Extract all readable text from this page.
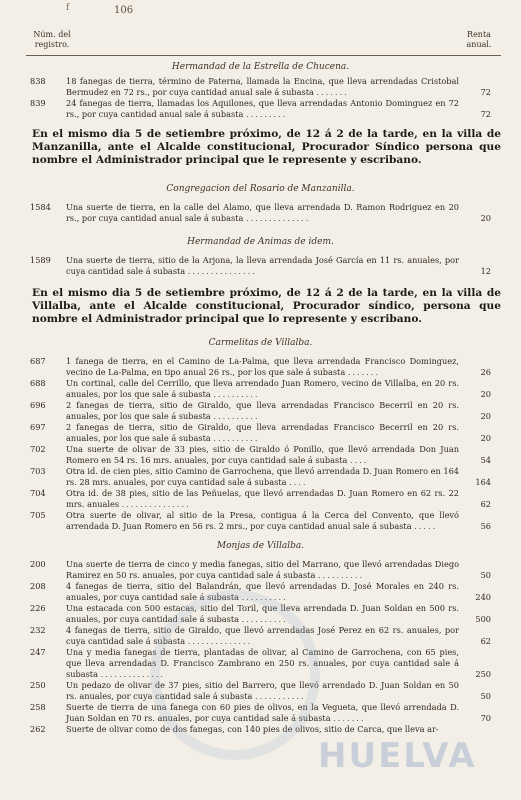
f	106
Núm. del registro.
Renta anual.

Hermandad de la Estrella de Chucena.

838	18 fanegas de tierra, término de Paterna, llamada la Encina, que lleva arrendadas Cristobal Bermudez en 72 rs., por cuya cantidad anual sale á subasta .......	72
839	24 fanegas de tierra, llamadas los Aquilones, que lleva arrendadas Antonio Dominguez en 72 rs., por cuya cantidad anual sale á subasta .........	72

En el mismo dia 5 de setiembre próximo, de 12 á 2 de la tarde, en la villa de Manzanilla, ante el Alcalde constitucional, Procurador Síndico persona que nombre el Administrador principal que le represente y escribano.

Congregacion del Rosario de Manzanilla.

1584	Una suerte de tierra, en la calle del Alamo, que lleva arrendada D. Ramon Rodriguez en 20 rs., por cuya cantidad anual sale á subasta ..............	20

Hermandad de Animas de idem.

1589	Una suerte de tierra, sitio de la Arjona, la lleva arrendada José García en 11 rs. anuales, por cuya cantidad sale á subasta ...............	12

En el mismo dia 5 de setiembre próximo, de 12 á 2 de la tarde, en la villa de Villalba, ante el Alcalde constitucional, Procurador síndico, persona que nombre el Administrador principal que lo represente y escribano.

Carmelitas de Villalba.

687	1 fanega de tierra, en el Camino de La-Palma, que lleva arrendada Francisco Dominguez, vecino de La-Palma, en tipo anual 26 rs., por los que sale á subasta .......	26
688	Un cortinal, calle del Cerrillo, que lleva arrendado Juan Romero, vecino de Villalba, en 20 rs. anuales, por los que sale á subasta ..........	20
696	2 fanegas de tierra, sitio de Giraldo, que lleva arrendadas Francisco Becerril en 20 rs. anuales, por los que sale á subasta ..........	20
697	2 fanegas de tierra, sitio de Giraldo, que lleva arrendadas Francisco Becerril en 20 rs. anuales, por los que sale á subasta ..........	20
702	Una suerte de olivar de 33 pies, sitio de Giraldo ó Ponillo, que llevó arrendada Don Juan Romero en 54 rs. 16 mrs. anuales, por cuya cantidad sale á subasta ....	54
703	Otra id. de cien pies, sitio Camino de Garrochena, que llevó arrendada D. Juan Romero en 164 rs. 28 mrs. anuales, por cuya cantidad sale á subasta ....	164
704	Otra id. de 38 pies, sitio de las Peñuelas, que llevó arrendadas D. Juan Romero en 62 rs. 22 mrs. anuales ...............	62
705	Otra suerte de olivar, al sitio de la Presa, contigua á la Cerca del Convento, que llevó arrendada D. Juan Romero en 56 rs. 2 mrs., por cuya cantidad anual sale á subasta .....	56

Monjas de Villalba.

200	Una suerte de tierra de cinco y media fanegas, sitio del Marrano, que llevó arrendadas Diego Ramirez en 50 rs. anuales, por cuya cantidad sale á subasta ..........	50
208	4 fanegas de tierra, sitio del Balandrán, que llevó arrendadas D. José Morales en 240 rs. anuales, por cuya cantidad sale á subasta ..........	240
226	Una estacada con 500 estacas, sitio del Toril, que lleva arrendada D. Juan Soldan en 500 rs. anuales, por cuya cantidad sale á subasta ..........	500
232	4 fanegas de tierra, sitio de Giraldo, que llevó arrendadas José Perez en 62 rs. anuales, por cuya cantidad sale á subasta ..............	62
247	Una y media fanegas de tierra, plantadas de olivar, al Camino de Garrochena, con 65 pies, que lleva arrendadas D. Francisco Zambrano en 250 rs. anuales, por cuya cantidad sale á subasta ..............	250
250	Un pedazo de olivar de 37 pies, sitio del Barrero, que llevó arrendado D. Juan Soldan en 50 rs. anuales, por cuya cantidad sale á subasta ...........	50
258	Suerte de tierra de una fanega con 60 pies de olivos, en la Vegueta, que llevó arrendada D. Juan Soldan en 70 rs. anuales, por cuya cantidad sale á subasta .......	70
262	Suerte de olivar como de dos fanegas, con 140 pies de olivos, sitio de Carca, que lleva ar-
HUELVA
